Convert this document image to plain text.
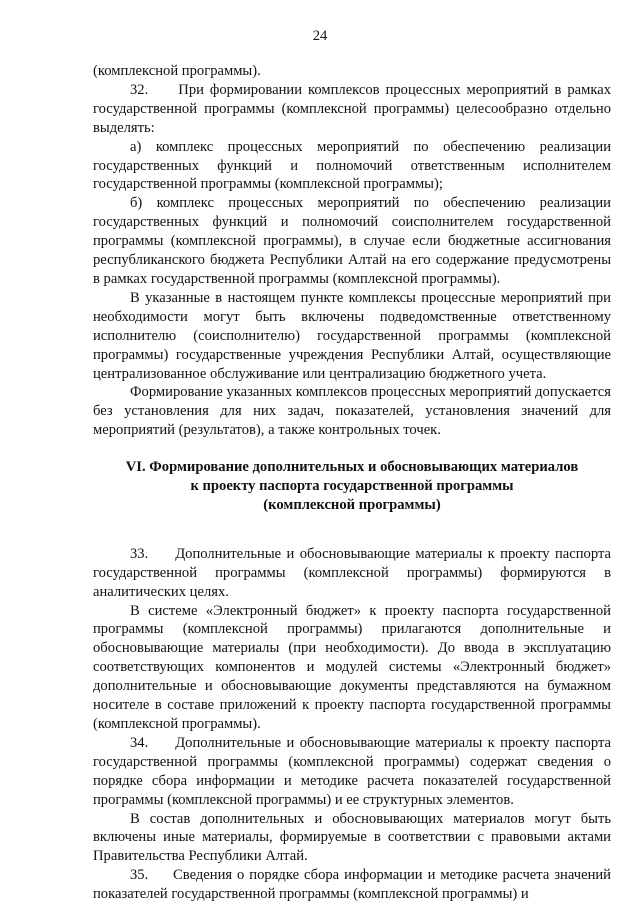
24

(комплексной программы).

32.     При формировании комплексов процессных мероприятий в рамках государственной программы (комплексной программы) целесообразно отдельно выделять:

а) комплекс процессных мероприятий по обеспечению реализации государственных функций и полномочий ответственным исполнителем государственной программы (комплексной программы);

б) комплекс процессных мероприятий по обеспечению реализации государственных функций и полномочий соисполнителем государственной программы (комплексной программы), в случае если бюджетные ассигнования республиканского бюджета Республики Алтай на его содержание предусмотрены в рамках государственной программы (комплексной программы).

В указанные в настоящем пункте комплексы процессные мероприятий при необходимости могут быть включены подведомственные ответственному исполнителю (соисполнителю) государственной программы (комплексной программы) государственные учреждения Республики Алтай, осуществляющие централизованное обслуживание или централизацию бюджетного учета.

Формирование указанных комплексов процессных мероприятий допускается без установления для них задач, показателей, установления значений для мероприятий (результатов), а также контрольных точек.

VI. Формирование дополнительных и обосновывающих материалов
к проекту паспорта государственной программы
(комплексной программы)

33.     Дополнительные и обосновывающие материалы к проекту паспорта государственной программы (комплексной программы) формируются в аналитических целях.

В системе «Электронный бюджет» к проекту паспорта государственной программы (комплексной программы) прилагаются дополнительные и обосновывающие материалы (при необходимости). До ввода в эксплуатацию соответствующих компонентов и модулей системы «Электронный бюджет» дополнительные и обосновывающие документы представляются на бумажном носителе в составе приложений к проекту паспорта государственной программы (комплексной программы).

34.     Дополнительные и обосновывающие материалы к проекту паспорта государственной программы (комплексной программы) содержат сведения о порядке сбора информации и методике расчета показателей государственной программы (комплексной программы) и ее структурных элементов.

В состав дополнительных и обосновывающих материалов могут быть включены иные материалы, формируемые в соответствии с правовыми актами Правительства Республики Алтай.

35.     Сведения о порядке сбора информации и методике расчета значений показателей государственной программы (комплексной программы) и
